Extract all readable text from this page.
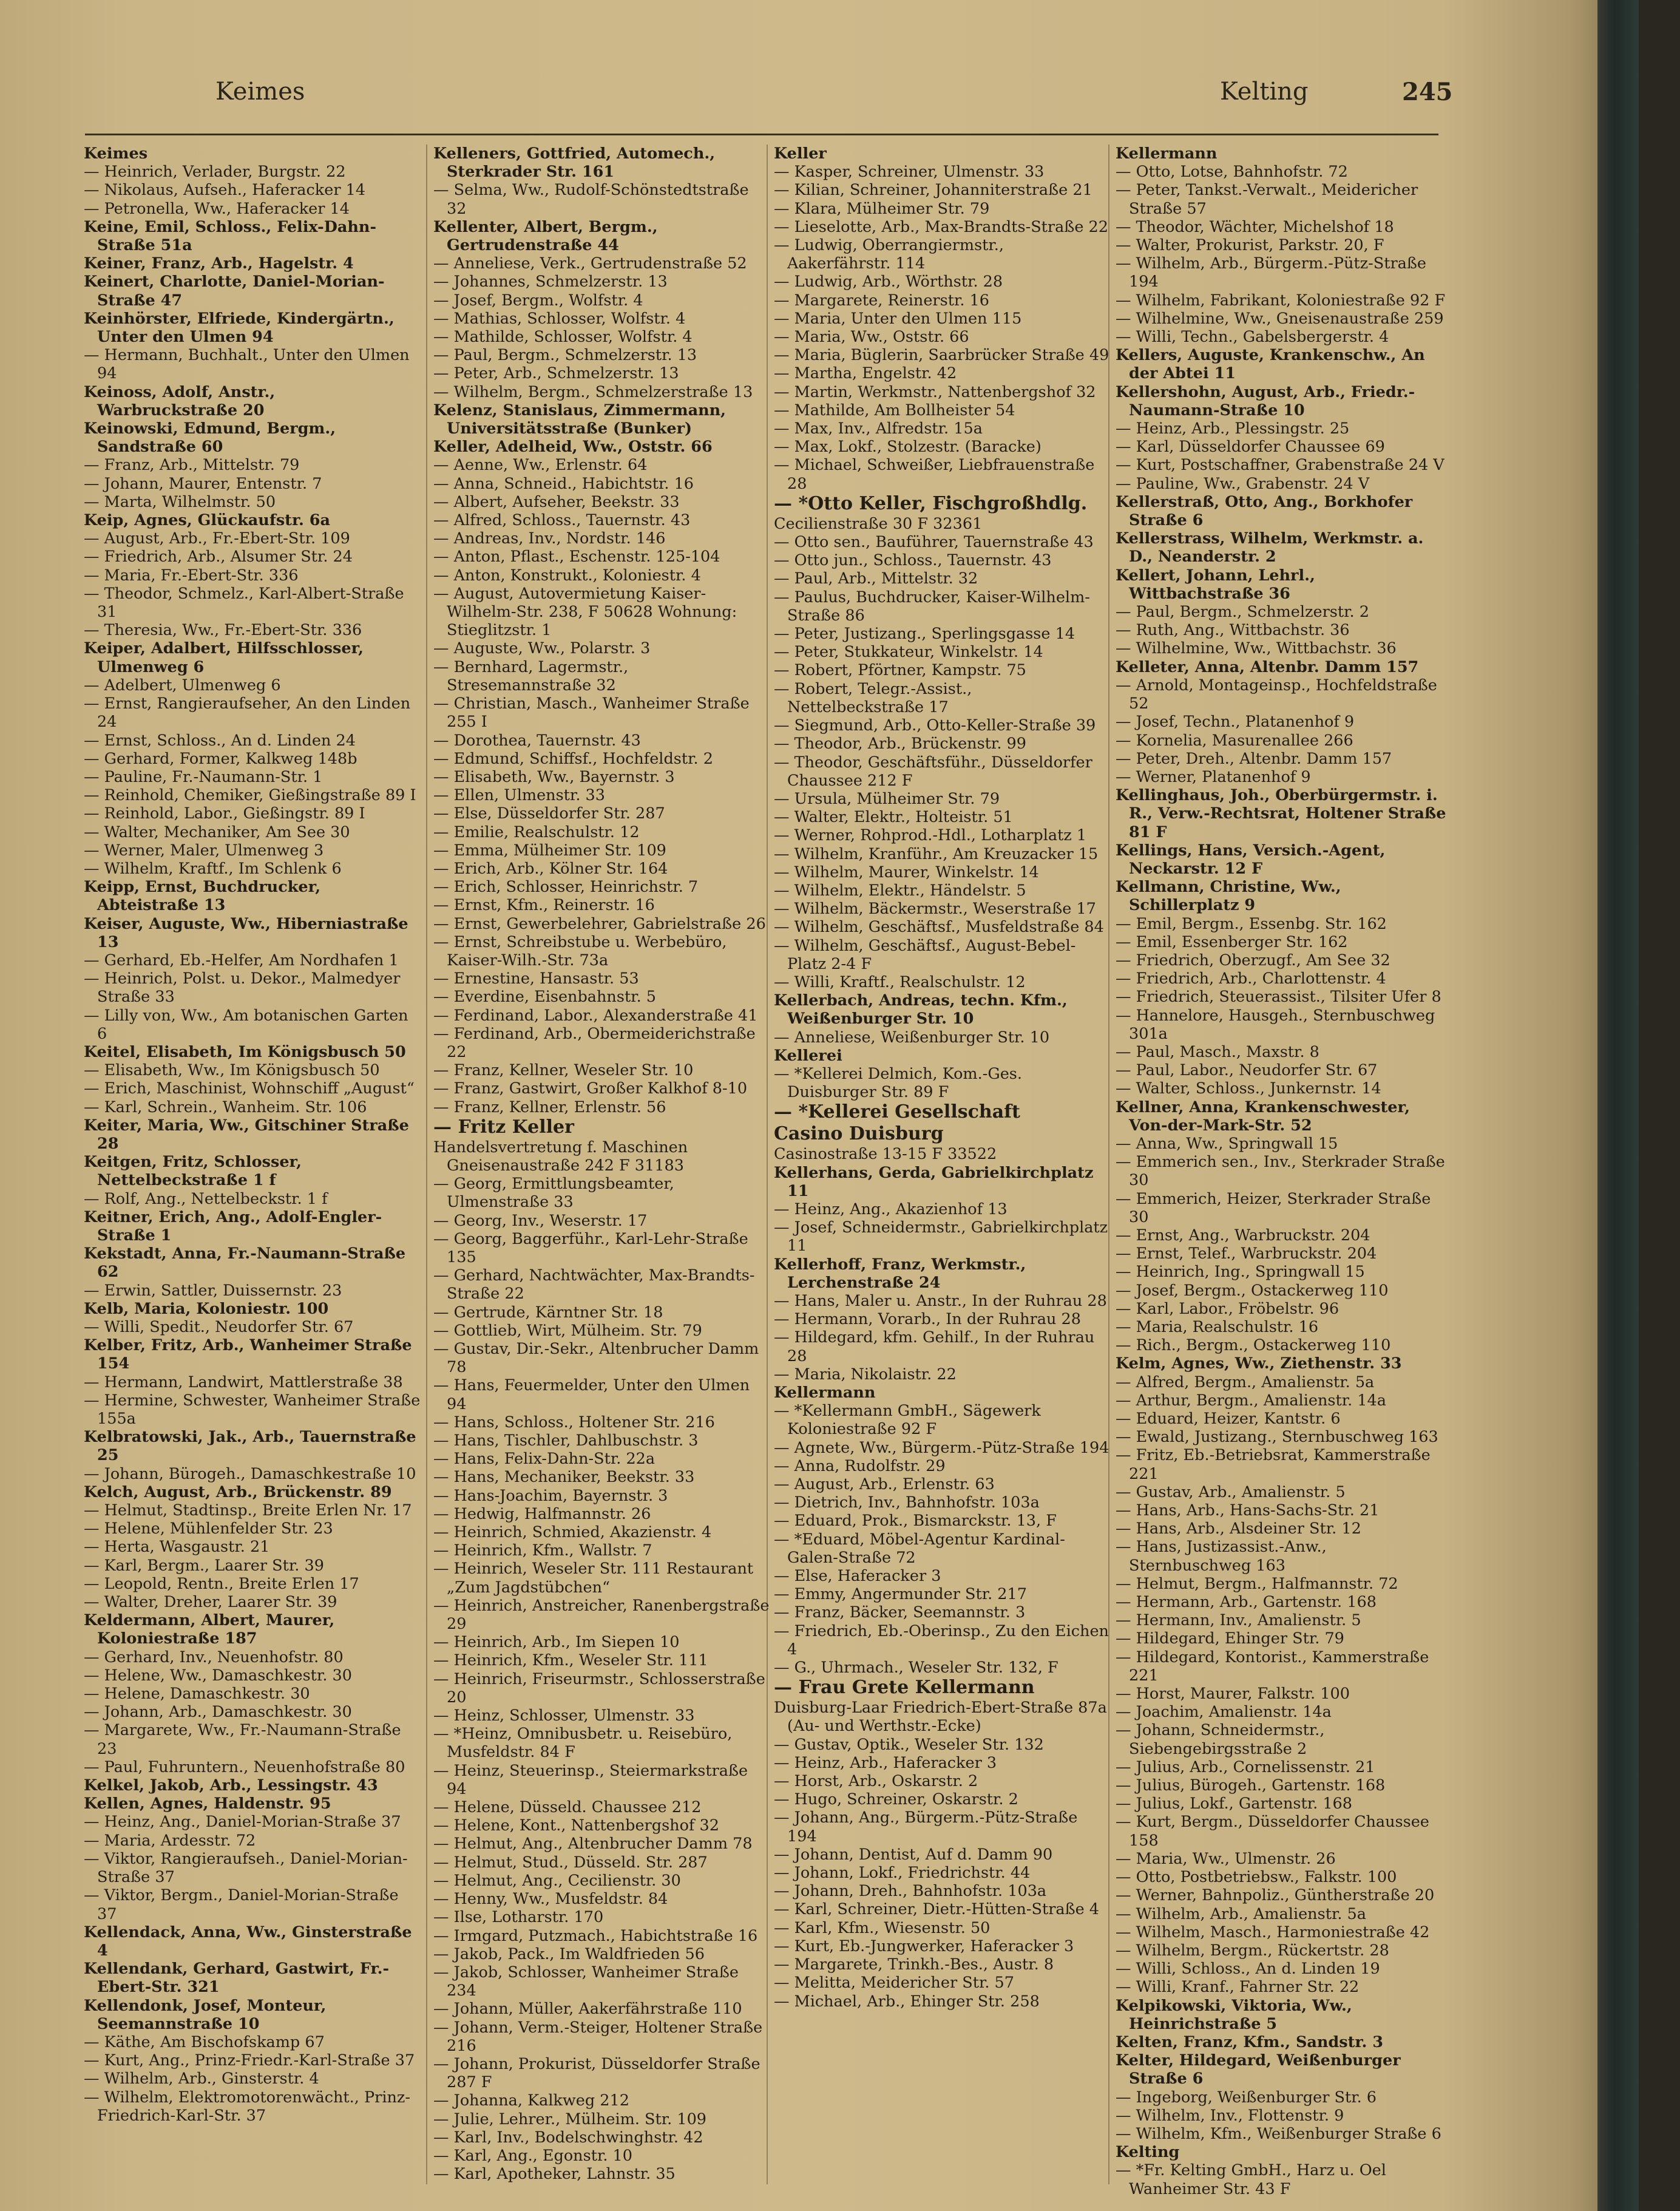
Keimes	Kelting	245

Keimes

— Heinrich, Verlader, Burgstr. 22

— Nikolaus, Aufseh., Haferacker 14

— Petronella, Ww., Haferacker 14

Keine, Emil, Schloss., Felix-Dahn-Straße 51a

Keiner, Franz, Arb., Hagelstr. 4

Keinert, Charlotte, Daniel-Morian-Straße 47

Keinhörster, Elfriede, Kindergärtn., Unter den Ulmen 94

— Hermann, Buchhalt., Unter den Ulmen 94

Keinoss, Adolf, Anstr., Warbruckstraße 20

Keinowski, Edmund, Bergm., Sandstraße 60

— Franz, Arb., Mittelstr. 79

— Johann, Maurer, Entenstr. 7

— Marta, Wilhelmstr. 50

Keip, Agnes, Glückaufstr. 6a

— August, Arb., Fr.-Ebert-Str. 109

— Friedrich, Arb., Alsumer Str. 24

— Maria, Fr.-Ebert-Str. 336

— Theodor, Schmelz., Karl-Albert-Straße 31

— Theresia, Ww., Fr.-Ebert-Str. 336

Keiper, Adalbert, Hilfsschlosser, Ulmenweg 6

— Adelbert, Ulmenweg 6

— Ernst, Rangieraufseher, An den Linden 24

— Ernst, Schloss., An d. Linden 24

— Gerhard, Former, Kalkweg 148b

— Pauline, Fr.-Naumann-Str. 1

— Reinhold, Chemiker, Gießingstraße 89 I

— Reinhold, Labor., Gießingstr. 89 I

— Walter, Mechaniker, Am See 30

— Werner, Maler, Ulmenweg 3

— Wilhelm, Kraftf., Im Schlenk 6

Keipp, Ernst, Buchdrucker, Abteistraße 13

Keiser, Auguste, Ww., Hiberniastraße 13

— Gerhard, Eb.-Helfer, Am Nordhafen 1

— Heinrich, Polst. u. Dekor., Malmedyer Straße 33

— Lilly von, Ww., Am botanischen Garten 6

Keitel, Elisabeth, Im Königsbusch 50

— Elisabeth, Ww., Im Königsbusch 50

— Erich, Maschinist, Wohnschiff „August“

— Karl, Schrein., Wanheim. Str. 106

Keiter, Maria, Ww., Gitschiner Straße 28

Keitgen, Fritz, Schlosser, Nettelbeckstraße 1 f

— Rolf, Ang., Nettelbeckstr. 1 f

Keitner, Erich, Ang., Adolf-Engler-Straße 1

Kekstadt, Anna, Fr.-Naumann-Straße 62

— Erwin, Sattler, Duissernstr. 23

Kelb, Maria, Koloniestr. 100

— Willi, Spedit., Neudorfer Str. 67

Kelber, Fritz, Arb., Wanheimer Straße 154

— Hermann, Landwirt, Mattlerstraße 38

— Hermine, Schwester, Wanheimer Straße 155a

Kelbratowski, Jak., Arb., Tauernstraße 25

— Johann, Bürogeh., Damaschkestraße 10

Kelch, August, Arb., Brückenstr. 89

— Helmut, Stadtinsp., Breite Erlen Nr. 17

— Helene, Mühlenfelder Str. 23

— Herta, Wasgaustr. 21

— Karl, Bergm., Laarer Str. 39

— Leopold, Rentn., Breite Erlen 17

— Walter, Dreher, Laarer Str. 39

Keldermann, Albert, Maurer, Koloniestraße 187

— Gerhard, Inv., Neuenhofstr. 80

— Helene, Ww., Damaschkestr. 30

— Helene, Damaschkestr. 30

— Johann, Arb., Damaschkestr. 30

— Margarete, Ww., Fr.-Naumann-Straße 23

— Paul, Fuhruntern., Neuenhofstraße 80

Kelkel, Jakob, Arb., Lessingstr. 43

Kellen, Agnes, Haldenstr. 95

— Heinz, Ang., Daniel-Morian-Straße 37

— Maria, Ardesstr. 72

— Viktor, Rangieraufseh., Daniel-Morian-Straße 37

— Viktor, Bergm., Daniel-Morian-Straße 37

Kellendack, Anna, Ww., Ginsterstraße 4

Kellendank, Gerhard, Gastwirt, Fr.-Ebert-Str. 321

Kellendonk, Josef, Monteur, Seemannstraße 10

— Käthe, Am Bischofskamp 67

— Kurt, Ang., Prinz-Friedr.-Karl-Straße 37

— Wilhelm, Arb., Ginsterstr. 4

— Wilhelm, Elektromotorenwächt., Prinz-Friedrich-Karl-Str. 37

Kelleners, Gottfried, Automech., Sterkrader Str. 161

— Selma, Ww., Rudolf-Schönstedtstraße 32

Kellenter, Albert, Bergm., Gertrudenstraße 44

— Anneliese, Verk., Gertrudenstraße 52

— Johannes, Schmelzerstr. 13

— Josef, Bergm., Wolfstr. 4

— Mathias, Schlosser, Wolfstr. 4

— Mathilde, Schlosser, Wolfstr. 4

— Paul, Bergm., Schmelzerstr. 13

— Peter, Arb., Schmelzerstr. 13

— Wilhelm, Bergm., Schmelzerstraße 13

Kelenz, Stanislaus, Zimmermann, Universitätsstraße (Bunker)

Keller, Adelheid, Ww., Oststr. 66

— Aenne, Ww., Erlenstr. 64

— Anna, Schneid., Habichtstr. 16

— Albert, Aufseher, Beekstr. 33

— Alfred, Schloss., Tauernstr. 43

— Andreas, Inv., Nordstr. 146

— Anton, Pflast., Eschenstr. 125-104

— Anton, Konstrukt., Koloniestr. 4

— August, Autovermietung Kaiser-Wilhelm-Str. 238, F 50628 Wohnung: Stieglitzstr. 1

— Auguste, Ww., Polarstr. 3

— Bernhard, Lagermstr., Stresemannstraße 32

— Christian, Masch., Wanheimer Straße 255 I

— Dorothea, Tauernstr. 43

— Edmund, Schiffsf., Hochfeldstr. 2

— Elisabeth, Ww., Bayernstr. 3

— Ellen, Ulmenstr. 33

— Else, Düsseldorfer Str. 287

— Emilie, Realschulstr. 12

— Emma, Mülheimer Str. 109

— Erich, Arb., Kölner Str. 164

— Erich, Schlosser, Heinrichstr. 7

— Ernst, Kfm., Reinerstr. 16

— Ernst, Gewerbelehrer, Gabrielstraße 26

— Ernst, Schreibstube u. Werbebüro, Kaiser-Wilh.-Str. 73a

— Ernestine, Hansastr. 53

— Everdine, Eisenbahnstr. 5

— Ferdinand, Labor., Alexanderstraße 41

— Ferdinand, Arb., Obermeiderichstraße 22

— Franz, Kellner, Weseler Str. 10

— Franz, Gastwirt, Großer Kalkhof 8-10

— Franz, Kellner, Erlenstr. 56

— Fritz Keller

Handelsvertretung f. Maschinen Gneisenaustraße 242 F 31183

— Georg, Ermittlungsbeamter, Ulmenstraße 33

— Georg, Inv., Weserstr. 17

— Georg, Baggerführ., Karl-Lehr-Straße 135

— Gerhard, Nachtwächter, Max-Brandts-Straße 22

— Gertrude, Kärntner Str. 18

— Gottlieb, Wirt, Mülheim. Str. 79

— Gustav, Dir.-Sekr., Altenbrucher Damm 78

— Hans, Feuermelder, Unter den Ulmen 94

— Hans, Schloss., Holtener Str. 216

— Hans, Tischler, Dahlbuschstr. 3

— Hans, Felix-Dahn-Str. 22a

— Hans, Mechaniker, Beekstr. 33

— Hans-Joachim, Bayernstr. 3

— Hedwig, Halfmannstr. 26

— Heinrich, Schmied, Akazienstr. 4

— Heinrich, Kfm., Wallstr. 7

— Heinrich, Weseler Str. 111 Restaurant „Zum Jagdstübchen“

— Heinrich, Anstreicher, Ranenbergstraße 29

— Heinrich, Arb., Im Siepen 10

— Heinrich, Kfm., Weseler Str. 111

— Heinrich, Friseurmstr., Schlosserstraße 20

— Heinz, Schlosser, Ulmenstr. 33

— *Heinz, Omnibusbetr. u. Reisebüro, Musfeldstr. 84 F

— Heinz, Steuerinsp., Steiermarkstraße 94

— Helene, Düsseld. Chaussee 212

— Helene, Kont., Nattenbergshof 32

— Helmut, Ang., Altenbrucher Damm 78

— Helmut, Stud., Düsseld. Str. 287

— Helmut, Ang., Cecilienstr. 30

— Henny, Ww., Musfeldstr. 84

— Ilse, Lotharstr. 170

— Irmgard, Putzmach., Habichtstraße 16

— Jakob, Pack., Im Waldfrieden 56

— Jakob, Schlosser, Wanheimer Straße 234

— Johann, Müller, Aakerfährstraße 110

— Johann, Verm.-Steiger, Holtener Straße 216

— Johann, Prokurist, Düsseldorfer Straße 287 F

— Johanna, Kalkweg 212

— Julie, Lehrer., Mülheim. Str. 109

— Karl, Inv., Bodelschwinghstr. 42

— Karl, Ang., Egonstr. 10

— Karl, Apotheker, Lahnstr. 35

Keller

— Kasper, Schreiner, Ulmenstr. 33

— Kilian, Schreiner, Johanniterstraße 21

— Klara, Mülheimer Str. 79

— Lieselotte, Arb., Max-Brandts-Straße 22

— Ludwig, Oberrangiermstr., Aakerfährstr. 114

— Ludwig, Arb., Wörthstr. 28

— Margarete, Reinerstr. 16

— Maria, Unter den Ulmen 115

— Maria, Ww., Oststr. 66

— Maria, Büglerin, Saarbrücker Straße 49

— Martha, Engelstr. 42

— Martin, Werkmstr., Nattenbergshof 32

— Mathilde, Am Bollheister 54

— Max, Inv., Alfredstr. 15a

— Max, Lokf., Stolzestr. (Baracke)

— Michael, Schweißer, Liebfrauenstraße 28

— *Otto Keller, Fischgroßhdlg.

Cecilienstraße 30 F 32361

— Otto sen., Bauführer, Tauernstraße 43

— Otto jun., Schloss., Tauernstr. 43

— Paul, Arb., Mittelstr. 32

— Paulus, Buchdrucker, Kaiser-Wilhelm-Straße 86

— Peter, Justizang., Sperlingsgasse 14

— Peter, Stukkateur, Winkelstr. 14

— Robert, Pförtner, Kampstr. 75

— Robert, Telegr.-Assist., Nettelbeckstraße 17

— Siegmund, Arb., Otto-Keller-Straße 39

— Theodor, Arb., Brückenstr. 99

— Theodor, Geschäftsführ., Düsseldorfer Chaussee 212 F

— Ursula, Mülheimer Str. 79

— Walter, Elektr., Holteistr. 51

— Werner, Rohprod.-Hdl., Lotharplatz 1

— Wilhelm, Kranführ., Am Kreuzacker 15

— Wilhelm, Maurer, Winkelstr. 14

— Wilhelm, Elektr., Händelstr. 5

— Wilhelm, Bäckermstr., Weserstraße 17

— Wilhelm, Geschäftsf., Musfeldstraße 84

— Wilhelm, Geschäftsf., August-Bebel-Platz 2-4 F

— Willi, Kraftf., Realschulstr. 12

Kellerbach, Andreas, techn. Kfm., Weißenburger Str. 10

— Anneliese, Weißenburger Str. 10

Kellerei

— *Kellerei Delmich, Kom.-Ges. Duisburger Str. 89 F

— *Kellerei Gesellschaft

Casino Duisburg

Casinostraße 13-15 F 33522

Kellerhans, Gerda, Gabrielkirchplatz 11

— Heinz, Ang., Akazienhof 13

— Josef, Schneidermstr., Gabrielkirchplatz 11

Kellerhoff, Franz, Werkmstr., Lerchenstraße 24

— Hans, Maler u. Anstr., In der Ruhrau 28

— Hermann, Vorarb., In der Ruhrau 28

— Hildegard, kfm. Gehilf., In der Ruhrau 28

— Maria, Nikolaistr. 22

Kellermann

— *Kellermann GmbH., Sägewerk Koloniestraße 92 F

— Agnete, Ww., Bürgerm.-Pütz-Straße 194

— Anna, Rudolfstr. 29

— August, Arb., Erlenstr. 63

— Dietrich, Inv., Bahnhofstr. 103a

— Eduard, Prok., Bismarckstr. 13, F

— *Eduard, Möbel-Agentur Kardinal-Galen-Straße 72

— Else, Haferacker 3

— Emmy, Angermunder Str. 217

— Franz, Bäcker, Seemannstr. 3

— Friedrich, Eb.-Oberinsp., Zu den Eichen 4

— G., Uhrmach., Weseler Str. 132, F

— Frau Grete Kellermann

Duisburg-Laar Friedrich-Ebert-Straße 87a (Au- und Werthstr.-Ecke)

— Gustav, Optik., Weseler Str. 132

— Heinz, Arb., Haferacker 3

— Horst, Arb., Oskarstr. 2

— Hugo, Schreiner, Oskarstr. 2

— Johann, Ang., Bürgerm.-Pütz-Straße 194

— Johann, Dentist, Auf d. Damm 90

— Johann, Lokf., Friedrichstr. 44

— Johann, Dreh., Bahnhofstr. 103a

— Karl, Schreiner, Dietr.-Hütten-Straße 4

— Karl, Kfm., Wiesenstr. 50

— Kurt, Eb.-Jungwerker, Haferacker 3

— Margarete, Trinkh.-Bes., Austr. 8

— Melitta, Meidericher Str. 57

— Michael, Arb., Ehinger Str. 258

Kellermann

— Otto, Lotse, Bahnhofstr. 72

— Peter, Tankst.-Verwalt., Meidericher Straße 57

— Theodor, Wächter, Michelshof 18

— Walter, Prokurist, Parkstr. 20, F

— Wilhelm, Arb., Bürgerm.-Pütz-Straße 194

— Wilhelm, Fabrikant, Koloniestraße 92 F

— Wilhelmine, Ww., Gneisenaustraße 259

— Willi, Techn., Gabelsbergerstr. 4

Kellers, Auguste, Krankenschw., An der Abtei 11

Kellershohn, August, Arb., Friedr.-Naumann-Straße 10

— Heinz, Arb., Plessingstr. 25

— Karl, Düsseldorfer Chaussee 69

— Kurt, Postschaffner, Grabenstraße 24 V

— Pauline, Ww., Grabenstr. 24 V

Kellerstraß, Otto, Ang., Borkhofer Straße 6

Kellerstrass, Wilhelm, Werkmstr. a. D., Neanderstr. 2

Kellert, Johann, Lehrl., Wittbachstraße 36

— Paul, Bergm., Schmelzerstr. 2

— Ruth, Ang., Wittbachstr. 36

— Wilhelmine, Ww., Wittbachstr. 36

Kelleter, Anna, Altenbr. Damm 157

— Arnold, Montageinsp., Hochfeldstraße 52

— Josef, Techn., Platanenhof 9

— Kornelia, Masurenallee 266

— Peter, Dreh., Altenbr. Damm 157

— Werner, Platanenhof 9

Kellinghaus, Joh., Oberbürgermstr. i. R., Verw.-Rechtsrat, Holtener Straße 81 F

Kellings, Hans, Versich.-Agent, Neckarstr. 12 F

Kellmann, Christine, Ww., Schillerplatz 9

— Emil, Bergm., Essenbg. Str. 162

— Emil, Essenberger Str. 162

— Friedrich, Oberzugf., Am See 32

— Friedrich, Arb., Charlottenstr. 4

— Friedrich, Steuerassist., Tilsiter Ufer 8

— Hannelore, Hausgeh., Sternbuschweg 301a

— Paul, Masch., Maxstr. 8

— Paul, Labor., Neudorfer Str. 67

— Walter, Schloss., Junkernstr. 14

Kellner, Anna, Krankenschwester, Von-der-Mark-Str. 52

— Anna, Ww., Springwall 15

— Emmerich sen., Inv., Sterkrader Straße 30

— Emmerich, Heizer, Sterkrader Straße 30

— Ernst, Ang., Warbruckstr. 204

— Ernst, Telef., Warbruckstr. 204

— Heinrich, Ing., Springwall 15

— Josef, Bergm., Ostackerweg 110

— Karl, Labor., Fröbelstr. 96

— Maria, Realschulstr. 16

— Rich., Bergm., Ostackerweg 110

Kelm, Agnes, Ww., Ziethenstr. 33

— Alfred, Bergm., Amalienstr. 5a

— Arthur, Bergm., Amalienstr. 14a

— Eduard, Heizer, Kantstr. 6

— Ewald, Justizang., Sternbuschweg 163

— Fritz, Eb.-Betriebsrat, Kammerstraße 221

— Gustav, Arb., Amalienstr. 5

— Hans, Arb., Hans-Sachs-Str. 21

— Hans, Arb., Alsdeiner Str. 12

— Hans, Justizassist.-Anw., Sternbuschweg 163

— Helmut, Bergm., Halfmannstr. 72

— Hermann, Arb., Gartenstr. 168

— Hermann, Inv., Amalienstr. 5

— Hildegard, Ehinger Str. 79

— Hildegard, Kontorist., Kammerstraße 221

— Horst, Maurer, Falkstr. 100

— Joachim, Amalienstr. 14a

— Johann, Schneidermstr., Siebengebirgsstraße 2

— Julius, Arb., Cornelissenstr. 21

— Julius, Bürogeh., Gartenstr. 168

— Julius, Lokf., Gartenstr. 168

— Kurt, Bergm., Düsseldorfer Chaussee 158

— Maria, Ww., Ulmenstr. 26

— Otto, Postbetriebsw., Falkstr. 100

— Werner, Bahnpoliz., Güntherstraße 20

— Wilhelm, Arb., Amalienstr. 5a

— Wilhelm, Masch., Harmoniestraße 42

— Wilhelm, Bergm., Rückertstr. 28

— Willi, Schloss., An d. Linden 19

— Willi, Kranf., Fahrner Str. 22

Kelpikowski, Viktoria, Ww., Heinrichstraße 5

Kelten, Franz, Kfm., Sandstr. 3

Kelter, Hildegard, Weißenburger Straße 6

— Ingeborg, Weißenburger Str. 6

— Wilhelm, Inv., Flottenstr. 9

— Wilhelm, Kfm., Weißenburger Straße 6

Kelting

— *Fr. Kelting GmbH., Harz u. Oel Wanheimer Str. 43 F
